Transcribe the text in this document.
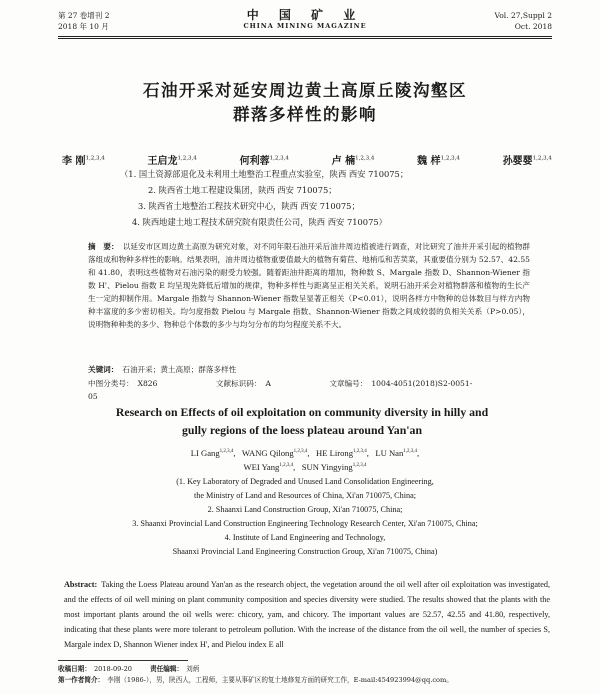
第 27 卷增刊 2
2018 年 10 月
中 国 矿 业
CHINA MINING MAGAZINE
Vol. 27,Suppl 2
Oct. 2018
石油开采对延安周边黄土高原丘陵沟壑区
群落多样性的影响
李 刚$^{1,2,3,4}$	王启龙$^{1,2,3,4}$	何利蓉$^{1,2,3,4}$	卢 楠$^{1,2,3,4}$	魏 样$^{1,2,3,4}$	孙婴婴$^{1,2,3,4}$
（1. 国土资源部退化及未利用土地整治工程重点实验室，陕西 西安 710075；
2. 陕西省土地工程建设集团，陕西 西安 710075；
3. 陕西省土地整治工程技术研究中心，陕西 西安 710075；
4. 陕西地建土地工程技术研究院有限责任公司，陕西 西安 710075）
摘　要： 以延安市区周边黄土高原为研究对象，对不同年限石油开采后油井周边植被进行调查，对比研究了油井开采引起的植物群落组成和物种多样性的影响。结果表明，油井周边植物重要值最大的植物有菊苣、地梢瓜和苦荬菜，其重要值分别为 52.57、42.55 和 41.80，表明这些植物对石油污染的耐受力较强。随着距油井距离的增加，物种数 S、Margale 指数 D、Shannon-Wiener 指数 H'、Pielou 指数 E 均呈现先降低后增加的规律，物种多样性与距离呈正相关关系，说明石油开采会对植物群落和植物的生长产生一定的抑制作用。Margale 指数与 Shannon-Wiener 指数呈显著正相关（P<0.01），说明各样方中物种的总体数目与样方内物种丰富度的多少密切相关。均匀度指数 Pielou 与 Margale 指数、Shannon-Wiener 指数之间成较弱的负相关关系（P>0.05），说明物种种类的多少、物种总个体数的多少与均匀分布的均匀程度关系不大。
关键词： 石油开采；黄土高原；群落多样性
中图分类号： X826	文献标识码： A	文章编号： 1004-4051(2018)S2-0051-05
Research on Effects of oil exploitation on community diversity in hilly and
gully regions of the loess plateau around Yan'an
LI Gang$^{1,2,3,4}$, WANG Qilong$^{1,2,3,4}$, HE Lirong$^{1,2,3,4}$, LU Nan$^{1,2,3,4}$,
WEI Yang$^{1,2,3,4}$, SUN Yingying$^{1,2,3,4}$
(1. Key Laboratory of Degraded and Unused Land Consolidation Engineering,
the Ministry of Land and Resources of China, Xi'an 710075, China;
2. Shaanxi Land Construction Group, Xi'an 710075, China;
3. Shaanxi Provincial Land Construction Engineering Technology Research Center, Xi'an 710075, China;
4. Institute of Land Engineering and Technology,
Shaanxi Provincial Land Engineering Construction Group, Xi'an 710075, China)
Abstract: Taking the Loess Plateau around Yan'an as the research object, the vegetation around the oil well after oil exploitation was investigated, and the effects of oil well mining on plant community composition and species diversity were studied. The results showed that the plants with the most important plants around the oil wells were: chicory, yam, and chicory. The important values are 52.57, 42.55 and 41.80, respectively, indicating that these plants were more tolerant to petroleum pollution. With the increase of the distance from the oil well, the number of species S, Margale index D, Shannon Wiener index H', and Pielou index E all
收稿日期： 2018-09-20	责任编辑： 刘炳
第一作者简介： 李刚（1986-），男，陕西人，工程师，主要从事矿区的复土地修复方面的研究工作，E-mail:454923994@qq.com。
